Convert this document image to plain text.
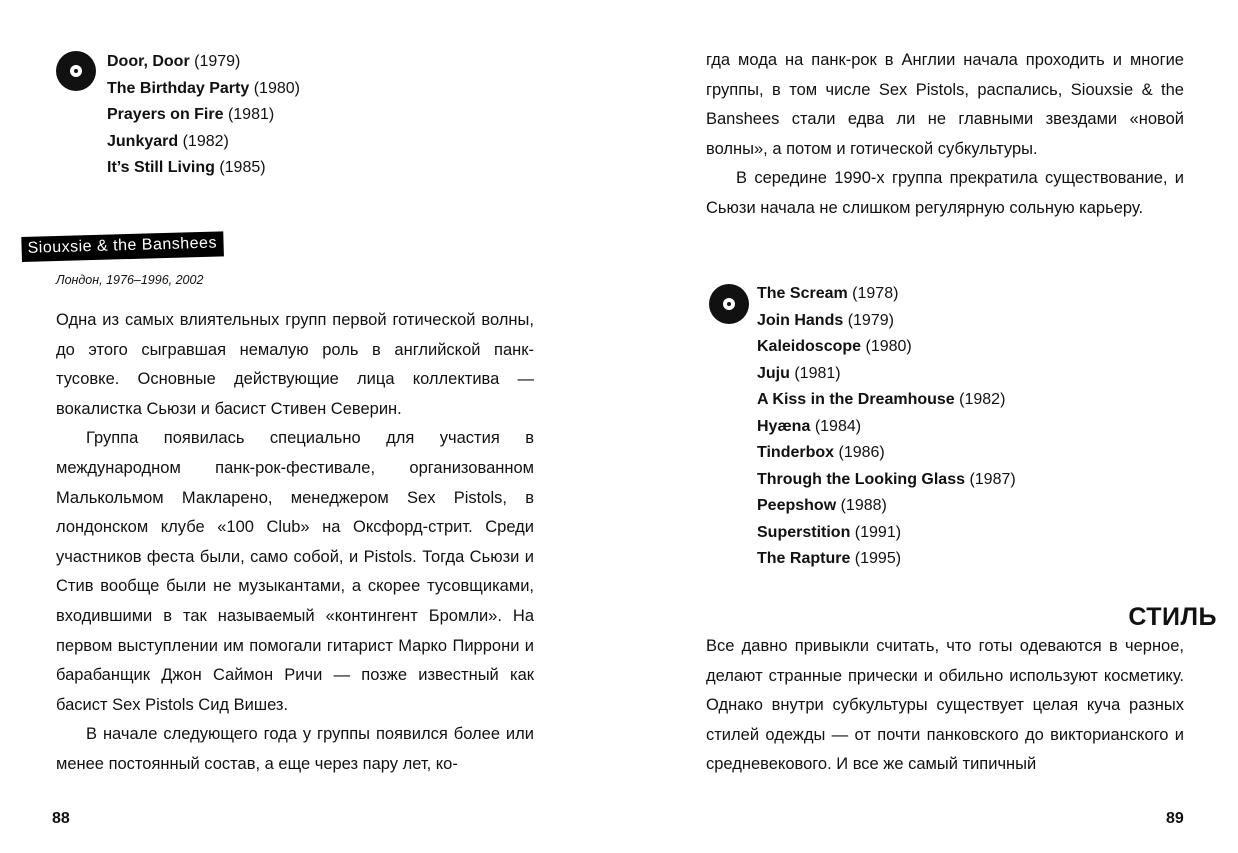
Door, Door (1979)
The Birthday Party (1980)
Prayers on Fire (1981)
Junkyard (1982)
It’s Still Living (1985)
Siouxsie & the Banshees
Лондон, 1976–1996, 2002

Одна из самых влиятельных групп первой готической волны, до этого сыгравшая немалую роль в английской панк-тусовке. Основные действующие лица коллектива — вокалистка Сьюзи и басист Стивен Северин.

Группа появилась специально для участия в международном панк-рок-фестивале, организованном Малькольмом Макларено, менеджером Sex Pistols, в лондонском клубе «100 Club» на Оксфорд-стрит. Среди участников феста были, само собой, и Pistols. Тогда Сьюзи и Стив вообще были не музыкантами, а скорее тусовщиками, входившими в так называемый «контингент Бромли». На первом выступлении им помогали гитарист Марко Пиррони и барабанщик Джон Саймон Ричи — позже известный как басист Sex Pistols Сид Вишез.

В начале следующего года у группы появился более или менее постоянный состав, а еще через пару лет, ко-

88

гда мода на панк-рок в Англии начала проходить и многие группы, в том числе Sex Pistols, распались, Siouxsie & the Banshees стали едва ли не главными звездами «новой волны», а потом и готической субкультуры.

В середине 1990-х группа прекратила существование, и Сьюзи начала не слишком регулярную сольную карьеру.

The Scream (1978)
Join Hands (1979)
Kaleidoscope (1980)
Juju (1981)
A Kiss in the Dreamhouse (1982)
Hyæna (1984)
Tinderbox (1986)
Through the Looking Glass (1987)
Peepshow (1988)
Superstition (1991)
The Rapture (1995)
СТИЛЬ

Все давно привыкли считать, что готы одеваются в черное, делают странные прически и обильно используют косметику. Однако внутри субкультуры существует целая куча разных стилей одежды — от почти панковского до викторианского и средневекового. И все же самый типичный

89
